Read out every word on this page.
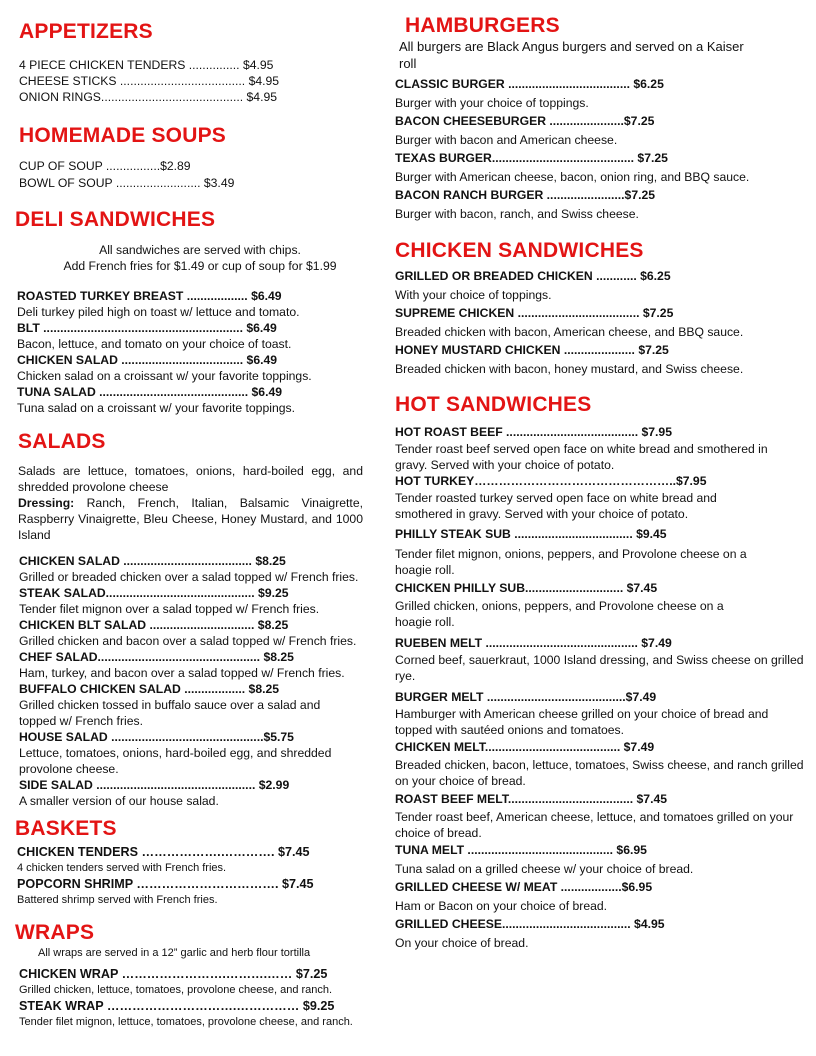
APPETIZERS
4 PIECE CHICKEN TENDERS ............... $4.95
CHEESE STICKS ..................................... $4.95
ONION RINGS.......................................... $4.95
HOMEMADE SOUPS
CUP OF SOUP ................$2.89
BOWL OF SOUP ......................... $3.49
DELI SANDWICHES
All sandwiches are served with chips.
Add French fries for $1.49 or cup of soup for $1.99
ROASTED TURKEY BREAST .................. $6.49
Deli turkey piled high on toast w/ lettuce and tomato.
BLT ........................................................... $6.49
Bacon, lettuce, and tomato on your choice of toast.
CHICKEN SALAD .................................... $6.49
Chicken salad on a croissant w/ your favorite toppings.
TUNA SALAD ............................................ $6.49
Tuna salad on a croissant w/ your favorite toppings.
SALADS
Salads are lettuce, tomatoes, onions, hard-boiled egg, and shredded provolone cheese
Dressing: Ranch, French, Italian, Balsamic Vinaigrette, Raspberry Vinaigrette, Bleu Cheese, Honey Mustard, and 1000 Island
CHICKEN SALAD ...................................... $8.25
Grilled or breaded chicken over a salad topped w/ French fries.
STEAK SALAD............................................ $9.25
Tender filet mignon over a salad topped w/ French fries.
CHICKEN BLT SALAD ............................... $8.25
Grilled chicken and bacon over a salad topped w/ French fries.
CHEF SALAD................................................ $8.25
Ham, turkey, and bacon over a salad topped w/ French fries.
BUFFALO CHICKEN SALAD .................. $8.25
Grilled chicken tossed in buffalo sauce over a salad and topped w/ French fries.
HOUSE SALAD .............................................$5.75
Lettuce, tomatoes, onions, hard-boiled egg, and shredded provolone cheese.
SIDE SALAD ............................................... $2.99
A smaller version of our house salad.
BASKETS
CHICKEN TENDERS ……………….…………. $7.45
4 chicken tenders served with French fries.
POPCORN SHRIMP ……………………………. $7.45
Battered shrimp served with French fries.
WRAPS
All wraps are served in a 12” garlic and herb flour tortilla
CHICKEN WRAP …………………….……….…… $7.25
Grilled chicken, lettuce, tomatoes, provolone cheese, and ranch.
STEAK WRAP ………………………….…………… $9.25
Tender filet mignon, lettuce, tomatoes, provolone cheese, and ranch.
HAMBURGERS
All burgers are Black Angus burgers and served on a Kaiser roll
CLASSIC BURGER .................................... $6.25
Burger with your choice of toppings.
BACON CHEESEBURGER ......................$7.25
Burger with bacon and American cheese.
TEXAS BURGER.......................................... $7.25
Burger with American cheese, bacon, onion ring, and BBQ sauce.
BACON RANCH BURGER .......................$7.25
Burger with bacon, ranch, and Swiss cheese.
CHICKEN SANDWICHES
GRILLED OR BREADED CHICKEN ............ $6.25
With your choice of toppings.
SUPREME CHICKEN .................................... $7.25
Breaded chicken with bacon, American cheese, and BBQ sauce.
HONEY MUSTARD CHICKEN ..................... $7.25
Breaded chicken with bacon, honey mustard, and Swiss cheese.
HOT SANDWICHES
HOT ROAST BEEF ....................................... $7.95
Tender roast beef served open face on white bread and smothered in gravy. Served with your choice of potato.
HOT TURKEY…………………………………………..$7.95
Tender roasted turkey served open face on white bread and smothered in gravy. Served with your choice of potato.
PHILLY STEAK SUB ................................... $9.45
Tender filet mignon, onions, peppers, and Provolone cheese on a hoagie roll.
CHICKEN PHILLY SUB............................. $7.45
Grilled chicken, onions, peppers, and Provolone cheese on a hoagie roll.
RUEBEN MELT ............................................. $7.49
Corned beef, sauerkraut, 1000 Island dressing, and Swiss cheese on grilled rye.
BURGER MELT .........................................$7.49
Hamburger with American cheese grilled on your choice of bread and topped with sautéed onions and tomatoes.
CHICKEN MELT........................................ $7.49
Breaded chicken, bacon, lettuce, tomatoes, Swiss cheese, and ranch grilled on your choice of bread.
ROAST BEEF MELT..................................... $7.45
Tender roast beef, American cheese, lettuce, and tomatoes grilled on your choice of bread.
TUNA MELT ........................................... $6.95
Tuna salad on a grilled cheese w/ your choice of bread.
GRILLED CHEESE W/ MEAT ..................$6.95
Ham or Bacon on your choice of bread.
GRILLED CHEESE...................................... $4.95
On your choice of bread.
